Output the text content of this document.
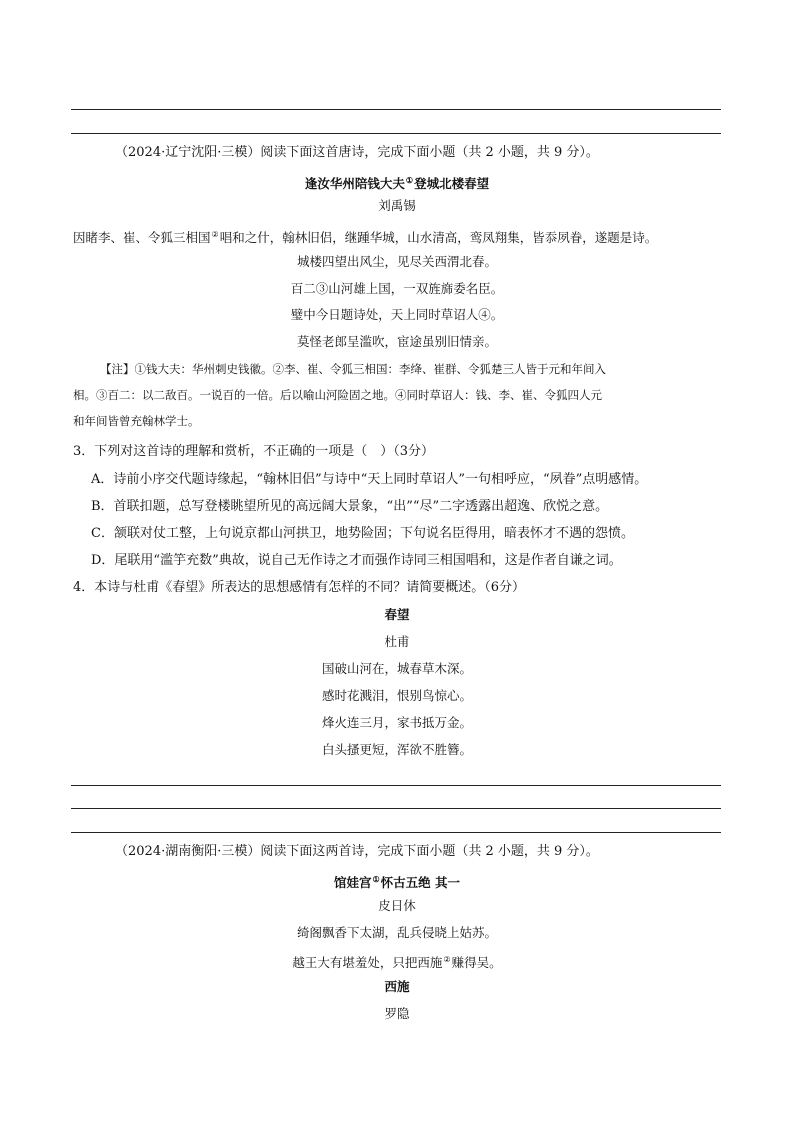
（2024·辽宁沈阳·三模）阅读下面这首唐诗，完成下面小题（共 2 小题，共 9 分）。
逢汝华州陪钱大夫①登城北楼春望
刘禹锡
因睹李、崔、令狐三相国②唱和之什，翰林旧侣，继踵华城，山水清高，鸾凤翔集，皆忝夙眷，遂题是诗。
城楼四望出风尘，见尽关西渭北春。
百二③山河雄上国，一双旌旆委名臣。
璧中今日题诗处，天上同时草诏人④。
莫怪老郎呈滥吹，宦途虽别旧情亲。
【注】①钱大夫：华州刺史钱徽。②李、崔、令狐三相国：李绛、崔群、令狐楚三人皆于元和年间入
相。③百二：以二敌百。一说百的一倍。后以喻山河险固之地。④同时草诏人：钱、李、崔、令狐四人元
和年间皆曾充翰林学士。
3．下列对这首诗的理解和赏析，不正确的一项是（　）（3分）
A．诗前小序交代题诗缘起，“翰林旧侣”与诗中“天上同时草诏人”一句相呼应，“夙眷”点明感情。
B．首联扣题，总写登楼眺望所见的高远阔大景象，“出”“尽”二字透露出超逸、欣悦之意。
C．颔联对仗工整，上句说京都山河拱卫，地势险固；下句说名臣得用，暗表怀才不遇的怨愤。
D．尾联用“滥竽充数”典故，说自己无作诗之才而强作诗同三相国唱和，这是作者自谦之词。
4．本诗与杜甫《春望》所表达的思想感情有怎样的不同？请简要概述。（6分）
春望
杜甫
国破山河在，城春草木深。
感时花溅泪，恨别鸟惊心。
烽火连三月，家书抵万金。
白头搔更短，浑欲不胜簪。
（2024·湖南衡阳·三模）阅读下面这两首诗，完成下面小题（共 2 小题，共 9 分）。
馆娃宫①怀古五绝 其一
皮日休
绮阁飘香下太湖，乱兵侵晓上姑苏。
越王大有堪羞处，只把西施②赚得吴。
西施
罗隐
